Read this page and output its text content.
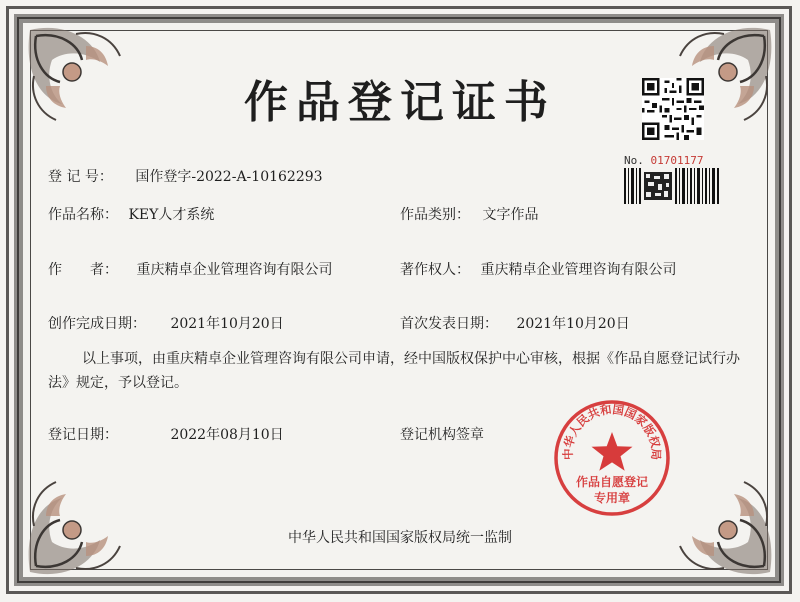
作品登记证书
No. 01701177
登 记 号： 国作登字-2022-A-10162293
作品名称： KEY人才系统	作品类别： 文字作品
作　　者： 重庆精卓企业管理咨询有限公司	著作权人： 重庆精卓企业管理咨询有限公司
创作完成日期： 2021年10月20日	首次发表日期： 2021年10月20日
以上事项，由重庆精卓企业管理咨询有限公司申请，经中国版权保护中心审核，根据《作品自愿登记试行办法》规定，予以登记。
登记日期：	2022年08月10日	登记机构签章
中华人民共和国国家版权局
作品自愿登记
专用章
中华人民共和国国家版权局统一监制
